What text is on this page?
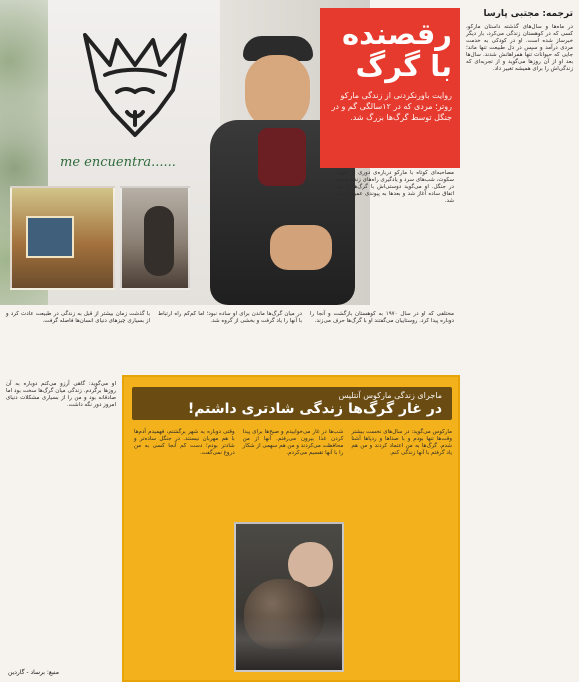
me encuentra......
رقصنده با گرگ
روایت باورنکردنی از زندگی مارکو روتر؛ مردی که در ۱۲سالگی گم و در جنگل توسط گرگ‌ها بزرگ شد.
ترجمه: مجتبی پارسا
در ماه‌ها و سال‌های گذشته داستان مارکو، کسی که در کوهستان زندگی می‌کرد، بار دیگر خبرساز شده است. او در کودکی به خدمت مردی درآمد و سپس در دل طبیعت تنها ماند؛ جایی که حیوانات تنها همراهانش شدند. سال‌ها بعد او از آن روزها می‌گوید و از تجربه‌ای که زندگی‌اش را برای همیشه تغییر داد.
مصاحبه‌ای کوتاه با مارکو درباره‌ی دوری از شهر، سکوت، شب‌های سرد و یادگیری راه‌های زنده ماندن در جنگل. او می‌گوید دوستی‌اش با گرگ‌ها از یک اتفاق ساده آغاز شد و بعدها به پیوندی عمیق تبدیل شد.
مختلفی که او در سال ۱۹۷۰ به کوهستان بازگشت و آنجا را دوباره پیدا کرد. روستاییان می‌گفتند او با گرگ‌ها حرف می‌زند.
در میان گرگ‌ها ماندن برای او ساده نبود؛ اما کم‌کم راه ارتباط با آنها را یاد گرفت و بخشی از گروه شد.
با گذشت زمان بیشتر از قبل به زندگی در طبیعت عادت کرد و از بسیاری چیزهای دنیای انسان‌ها فاصله گرفت.
او می‌گوید: گاهی آرزو می‌کنم دوباره به آن روزها برگردم. زندگی میان گرگ‌ها سخت بود اما صادقانه بود و من را از بسیاری مشکلات دنیای امروز دور نگه داشت.
منبع: برساد - گاردین
ماجرای زندگی مارکوس آنتلیس
در غار گرگ‌ها زندگی شادتری داشتم!
مارکوس می‌گوید: در سال‌های نخست بیشتر وقت‌ها تنها بودم و با صداها و ردپاها آشنا شدم. گرگ‌ها به من اعتماد کردند و من هم یاد گرفتم با آنها زندگی کنم.
شب‌ها در غار می‌خوابیدم و صبح‌ها برای پیدا کردن غذا بیرون می‌رفتم. آنها از من محافظت می‌کردند و من هم سهمی از شکار را با آنها تقسیم می‌کردم.
وقتی دوباره به شهر برگشتم، فهمیدم آدم‌ها با هم مهربان نیستند. در جنگل ساده‌تر و شادتر بودم؛ دست کم آنجا کسی به من دروغ نمی‌گفت.
